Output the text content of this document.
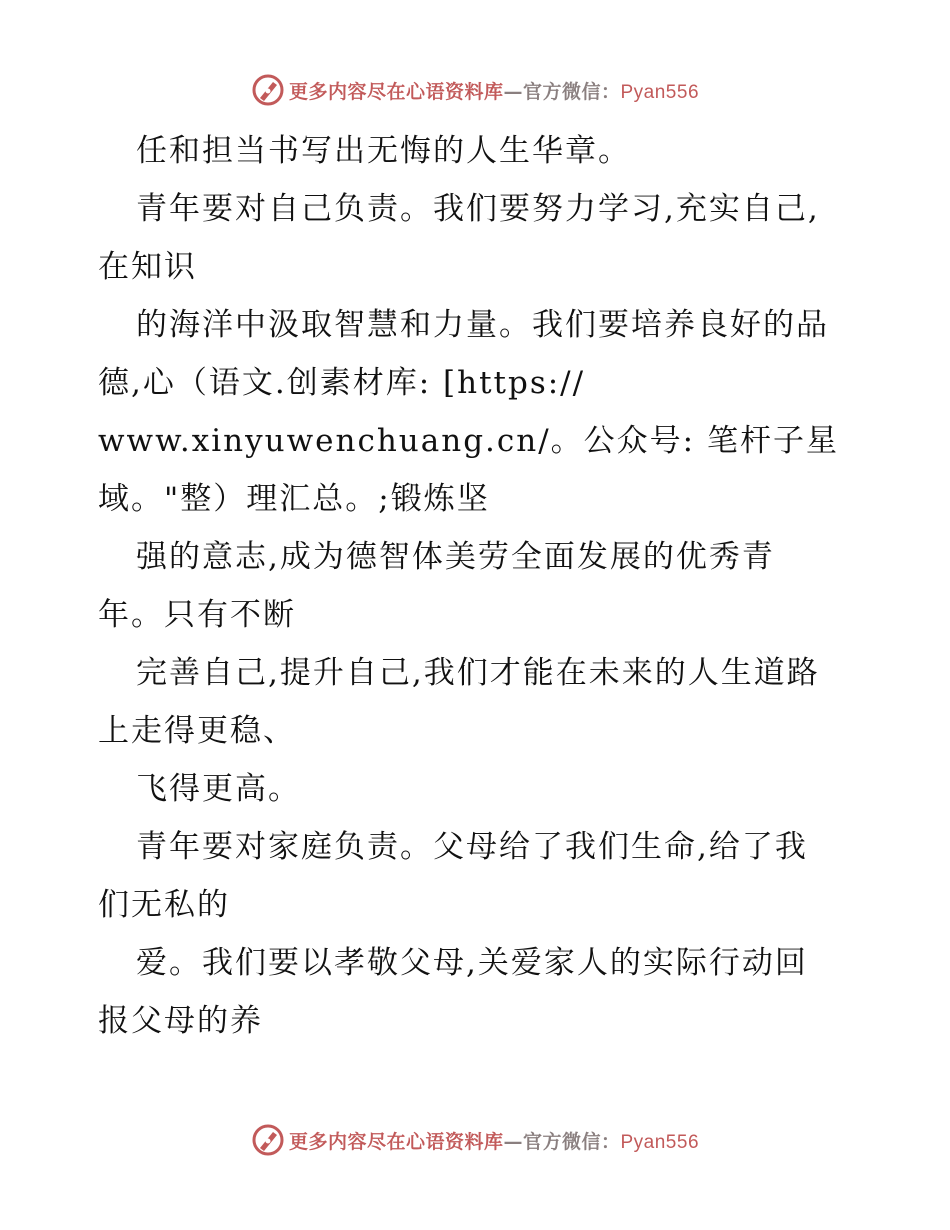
更多内容尽在心语资料库—官方微信：Pyan556
任和担当书写出无悔的人生华章。
青年要对自己负责。我们要努力学习,充实自己,
在知识
的海洋中汲取智慧和力量。我们要培养良好的品
德,心（语文.创素材库: [https://
www.xinyuwenchuang.cn/。公众号: 笔杆子星
域。"整）理汇总。;锻炼坚
强的意志,成为德智体美劳全面发展的优秀青
年。只有不断
完善自己,提升自己,我们才能在未来的人生道路
上走得更稳、
飞得更高。
青年要对家庭负责。父母给了我们生命,给了我
们无私的
爱。我们要以孝敬父母,关爱家人的实际行动回
报父母的养
更多内容尽在心语资料库—官方微信：Pyan556
